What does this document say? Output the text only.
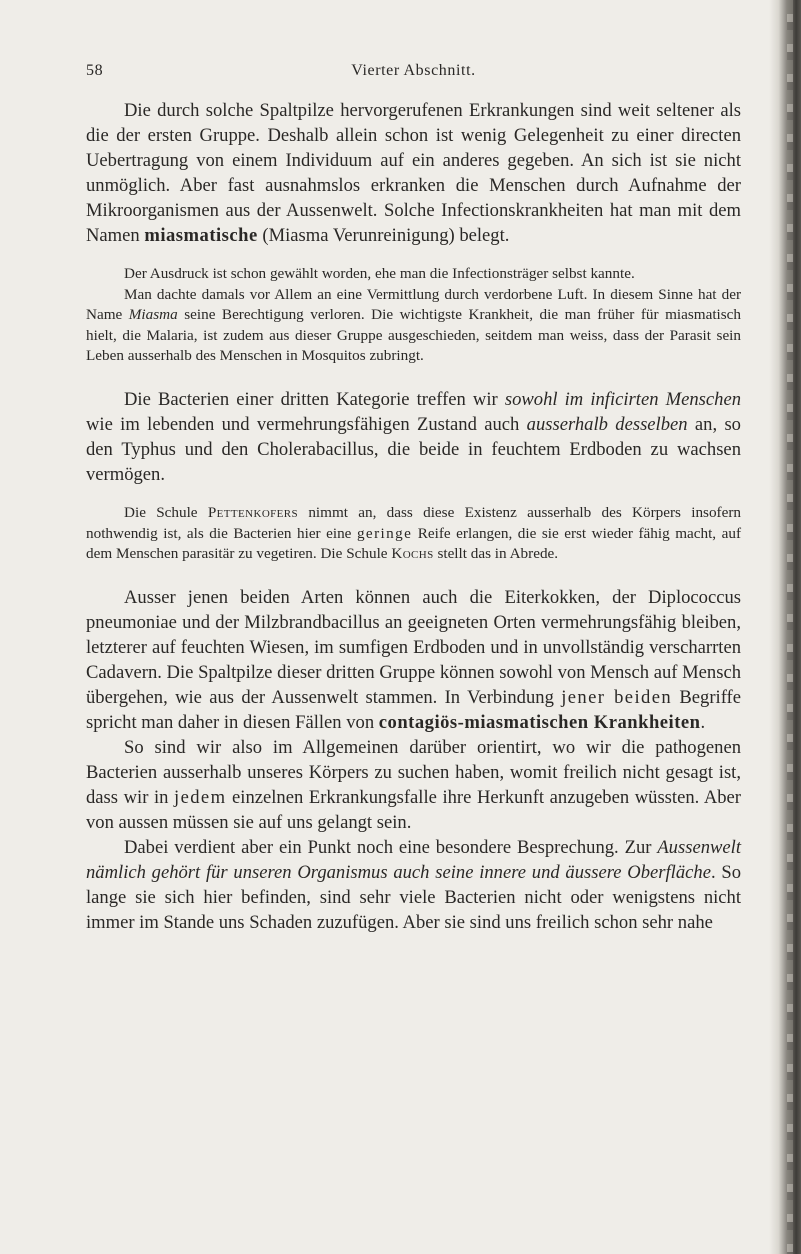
58	Vierter Abschnitt.

Die durch solche Spaltpilze hervorgerufenen Erkrankungen sind weit seltener als die der ersten Gruppe. Deshalb allein schon ist wenig Gelegenheit zu einer directen Uebertragung von einem Individuum auf ein anderes gegeben. An sich ist sie nicht unmöglich. Aber fast ausnahmslos erkranken die Menschen durch Aufnahme der Mikroorganismen aus der Aussenwelt. Solche Infectionskrankheiten hat man mit dem Namen miasmatische (Miasma Verunreinigung) belegt.

Der Ausdruck ist schon gewählt worden, ehe man die Infectionsträger selbst kannte.

Man dachte damals vor Allem an eine Vermittlung durch verdorbene Luft. In diesem Sinne hat der Name Miasma seine Berechtigung verloren. Die wichtigste Krankheit, die man früher für miasmatisch hielt, die Malaria, ist zudem aus dieser Gruppe ausgeschieden, seitdem man weiss, dass der Parasit sein Leben ausserhalb des Menschen in Mosquitos zubringt.

Die Bacterien einer dritten Kategorie treffen wir sowohl im inficirten Menschen wie im lebenden und vermehrungsfähigen Zustand auch ausserhalb desselben an, so den Typhus und den Cholerabacillus, die beide in feuchtem Erdboden zu wachsen vermögen.

Die Schule Pettenkofers nimmt an, dass diese Existenz ausserhalb des Körpers insofern nothwendig ist, als die Bacterien hier eine geringe Reife erlangen, die sie erst wieder fähig macht, auf dem Menschen parasitär zu vegetiren. Die Schule Kochs stellt das in Abrede.

Ausser jenen beiden Arten können auch die Eiterkokken, der Diplococcus pneumoniae und der Milzbrandbacillus an geeigneten Orten vermehrungsfähig bleiben, letzterer auf feuchten Wiesen, im sumfigen Erdboden und in unvollständig verscharrten Cadavern. Die Spaltpilze dieser dritten Gruppe können sowohl von Mensch auf Mensch übergehen, wie aus der Aussenwelt stammen. In Verbindung jener beiden Begriffe spricht man daher in diesen Fällen von contagiös-miasmatischen Krankheiten.

So sind wir also im Allgemeinen darüber orientirt, wo wir die pathogenen Bacterien ausserhalb unseres Körpers zu suchen haben, womit freilich nicht gesagt ist, dass wir in jedem einzelnen Erkrankungsfalle ihre Herkunft anzugeben wüssten. Aber von aussen müssen sie auf uns gelangt sein.

Dabei verdient aber ein Punkt noch eine besondere Besprechung. Zur Aussenwelt nämlich gehört für unseren Organismus auch seine innere und äussere Oberfläche. So lange sie sich hier befinden, sind sehr viele Bacterien nicht oder wenigstens nicht immer im Stande uns Schaden zuzufügen. Aber sie sind uns freilich schon sehr nahe
